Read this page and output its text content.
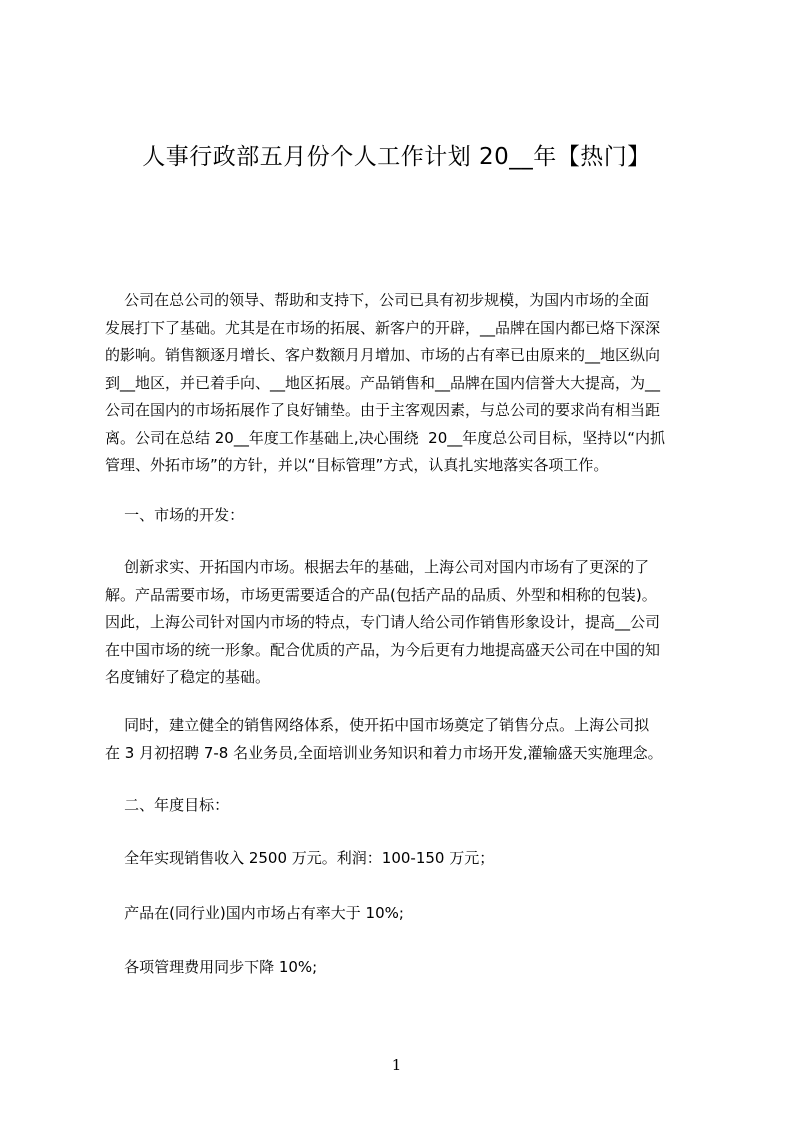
人事行政部五月份个人工作计划 20__年【热门】
公司在总公司的领导、帮助和支持下，公司已具有初步规模，为国内市场的全面
发展打下了基础。尤其是在市场的拓展、新客户的开辟，__品牌在国内都已烙下深深
的影响。销售额逐月增长、客户数额月月增加、市场的占有率已由原来的__地区纵向
到__地区，并已着手向、__地区拓展。产品销售和__品牌在国内信誉大大提高，为__
公司在国内的市场拓展作了良好铺垫。由于主客观因素，与总公司的要求尚有相当距
离。公司在总结 20__年度工作基础上,决心围绕  20__年度总公司目标，坚持以“内抓
管理、外拓市场”的方针，并以“目标管理”方式，认真扎实地落实各项工作。
一、市场的开发：
创新求实、开拓国内市场。根据去年的基础，上海公司对国内市场有了更深的了
解。产品需要市场，市场更需要适合的产品(包括产品的品质、外型和相称的包装)。
因此，上海公司针对国内市场的特点，专门请人给公司作销售形象设计，提高__公司
在中国市场的统一形象。配合优质的产品，为今后更有力地提高盛天公司在中国的知
名度铺好了稳定的基础。
同时，建立健全的销售网络体系，使开拓中国市场奠定了销售分点。上海公司拟
在 3 月初招聘 7-8 名业务员,全面培训业务知识和着力市场开发,灌输盛天实施理念。
二、年度目标：
全年实现销售收入 2500 万元。利润：100-150 万元；
产品在(同行业)国内市场占有率大于 10%;
各项管理费用同步下降 10%;
1
